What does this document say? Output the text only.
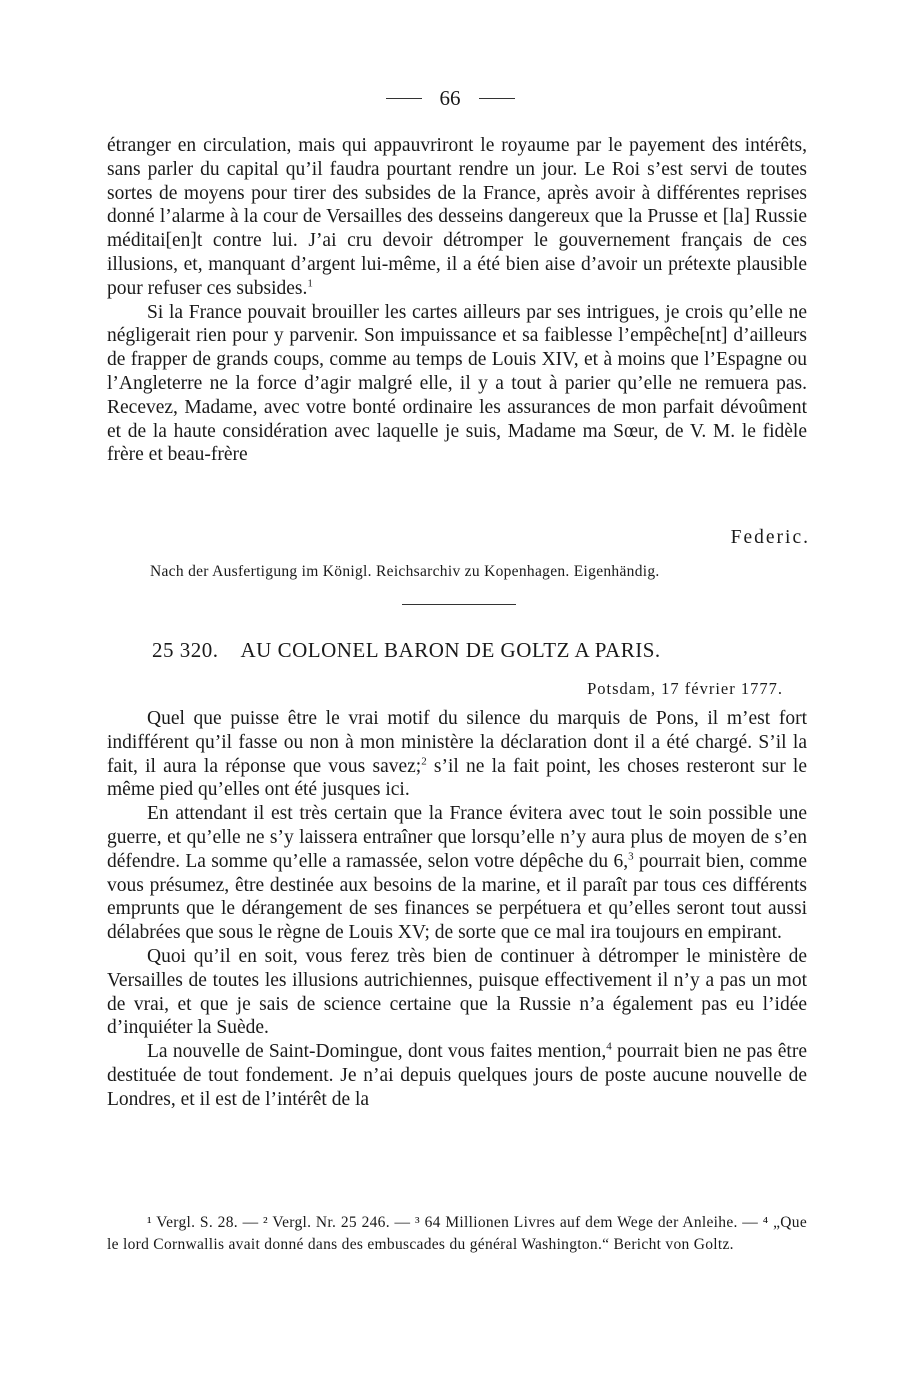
66

étranger en circulation, mais qui appauvriront le royaume par le payement des intérêts, sans parler du capital qu’il faudra pourtant rendre un jour. Le Roi s’est servi de toutes sortes de moyens pour tirer des subsides de la France, après avoir à différentes reprises donné l’alarme à la cour de Versailles des desseins dangereux que la Prusse et [la] Russie méditai[en]t contre lui. J’ai cru devoir détromper le gouvernement français de ces illusions, et, manquant d’argent lui-même, il a été bien aise d’avoir un prétexte plausible pour refuser ces subsides.$^1$

Si la France pouvait brouiller les cartes ailleurs par ses intrigues, je crois qu’elle ne négligerait rien pour y parvenir. Son impuissance et sa faiblesse l’empêche[nt] d’ailleurs de frapper de grands coups, comme au temps de Louis XIV, et à moins que l’Espagne ou l’Angleterre ne la force d’agir malgré elle, il y a tout à parier qu’elle ne remuera pas. Recevez, Madame, avec votre bonté ordinaire les assurances de mon parfait dévoûment et de la haute considération avec laquelle je suis, Madame ma Sœur, de V. M. le fidèle frère et beau-frère

Federic.
Nach der Ausfertigung im Königl. Reichsarchiv zu Kopenhagen. Eigenhändig.
25 320. AU COLONEL BARON DE GOLTZ A PARIS.
Potsdam, 17 février 1777.

Quel que puisse être le vrai motif du silence du marquis de Pons, il m’est fort indifférent qu’il fasse ou non à mon ministère la déclaration dont il a été chargé. S’il la fait, il aura la réponse que vous savez;$^2$ s’il ne la fait point, les choses resteront sur le même pied qu’elles ont été jusques ici.

En attendant il est très certain que la France évitera avec tout le soin possible une guerre, et qu’elle ne s’y laissera entraîner que lorsqu’elle n’y aura plus de moyen de s’en défendre. La somme qu’elle a ramassée, selon votre dépêche du 6,$^3$ pourrait bien, comme vous présumez, être destinée aux besoins de la marine, et il paraît par tous ces différents emprunts que le dérangement de ses finances se perpétuera et qu’elles seront tout aussi délabrées que sous le règne de Louis XV; de sorte que ce mal ira toujours en empirant.

Quoi qu’il en soit, vous ferez très bien de continuer à détromper le ministère de Versailles de toutes les illusions autrichiennes, puisque effectivement il n’y a pas un mot de vrai, et que je sais de science certaine que la Russie n’a également pas eu l’idée d’inquiéter la Suède.

La nouvelle de Saint-Domingue, dont vous faites mention,$^4$ pourrait bien ne pas être destituée de tout fondement. Je n’ai depuis quelques jours de poste aucune nouvelle de Londres, et il est de l’intérêt de la

¹ Vergl. S. 28. — ² Vergl. Nr. 25 246. — ³ 64 Millionen Livres auf dem Wege der Anleihe. — ⁴ „Que le lord Cornwallis avait donné dans des embuscades du général Washington.“ Bericht von Goltz.
